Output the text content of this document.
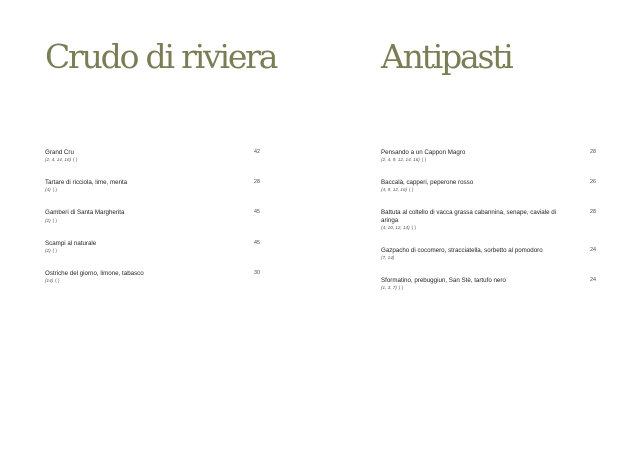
Crudo di riviera
Grand Cru	42
(2, 4, 14, 16) ( )
Tartare di ricciola, lime, menta	28
(4) ( )
Gamberi di Santa Margherita	45
(2) ( )
Scampi al naturale	45
(2) ( )
Ostriche del giorno, limone, tabasco	30
(14) ( )
Antipasti
Pensando a un Cappon Magro	28
(2, 4, 9, 12, 14, 16) ( )
Baccalà, capperi, peperone rosso	26
(4, 9, 12, 16) ( )
Battuta al coltello di vacca grassa cabannina, senape, caviale di aringa
28
(4, 10, 12, 14) ( )
Gazpacho di cocomero, stracciatella, sorbetto al pomodoro	24
(7, 14)
Sformatino, prebuggiun, San Stè, tartufo nero	24
(1, 3, 7) ( )
